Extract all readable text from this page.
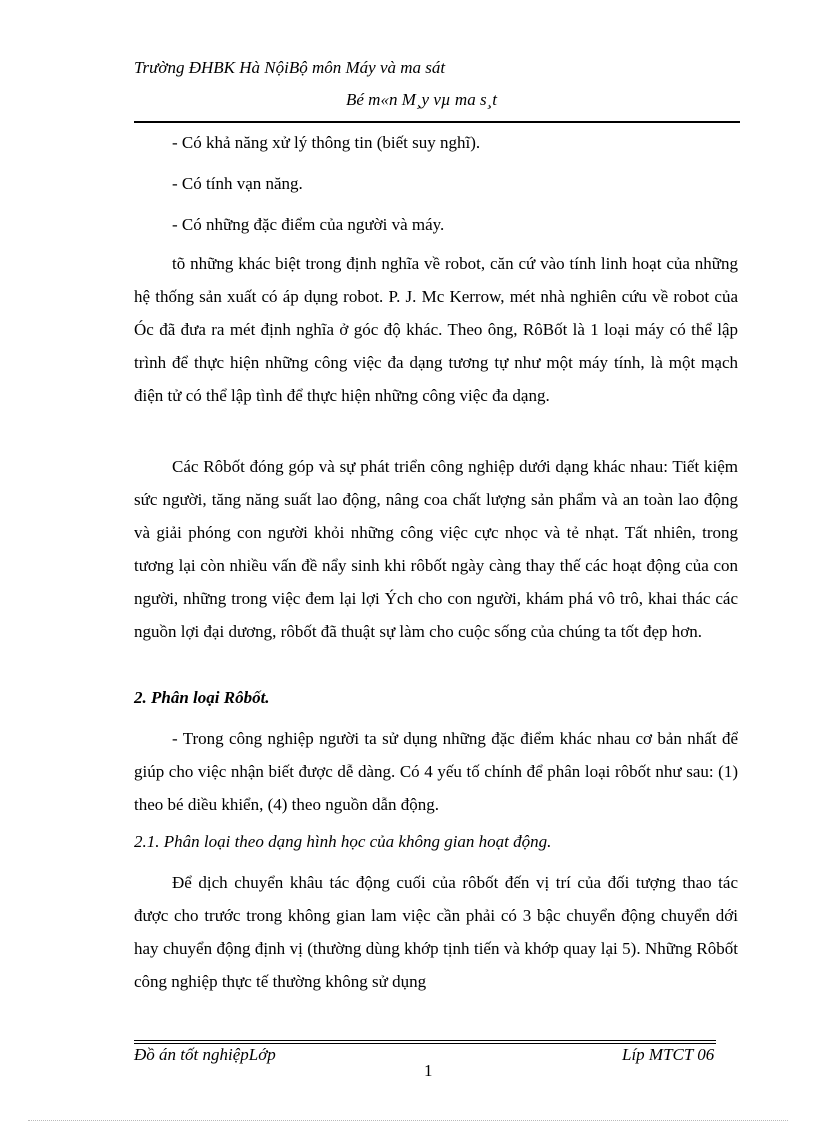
Trường ĐHBK Hà NộiBộ môn Máy và ma sát
Bé m«n M¸y vµ ma s¸t

- Có khả năng xử lý thông tin (biết suy nghĩ).

- Có tính vạn năng.

- Có những đặc điểm của người và máy.

tõ những khác biệt trong định nghĩa về robot, căn cứ vào tính linh hoạt của những hệ thống sản xuất có áp dụng robot. P. J. Mc Kerrow, mét nhà nghiên cứu về robot của Óc đã đưa ra mét định nghĩa ở góc độ khác. Theo ông, RôBốt là 1 loại máy có thể lập trình để thực hiện những công việc đa dạng tương tự như một máy tính, là một mạch điện tử có thể lập tình để thực hiện những công việc đa dạng.

Các Rôbốt đóng góp và sự phát triển công nghiệp dưới dạng khác nhau: Tiết kiệm sức người, tăng năng suất lao động, nâng coa chất lượng sản phẩm và an toàn lao động và giải phóng con người khỏi những công việc cực nhọc và tẻ nhạt. Tất nhiên, trong tương lại còn nhiều vấn đề nẩy sinh khi rôbốt ngày càng thay thế các hoạt động của con người, những trong việc đem lại lợi Ých cho con người, khám phá vô trô, khai thác các nguồn lợi đại dương, rôbốt đã thuật sự làm cho cuộc sống của chúng ta tốt đẹp hơn.

2. Phân loại Rôbốt.

- Trong công nghiệp người ta sử dụng những đặc điểm khác nhau cơ bản nhất để giúp cho việc nhận biết được dễ dàng. Có 4 yếu tố chính để phân loại rôbốt như sau: (1) theo bé diều khiển, (4) theo nguồn dẫn động.

2.1. Phân loại theo dạng hình học của không gian hoạt động.

Để dịch chuyển khâu tác động cuối của rôbốt đến vị trí của đối tượng thao tác được cho trước trong không gian lam việc cần phải có 3 bậc chuyển động chuyển dới hay chuyển động định vị (thường dùng khớp tịnh tiến và khớp quay lại 5). Những Rôbốt công nghiệp thực tế thường không sử dụng

Đồ án tốt nghiệpLớp	Líp MTCT 06
1
